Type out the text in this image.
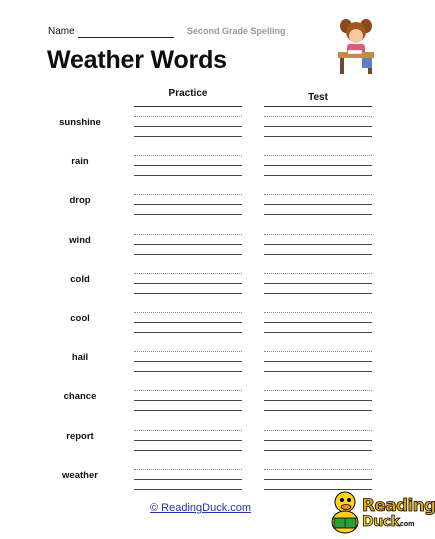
Name	Second Grade Spelling
Weather Words
Practice	Test
sunshine
rain
drop
wind
cold
cool
hail
chance
report
weather
© ReadingDuck.com	Reading
Duck
.com
